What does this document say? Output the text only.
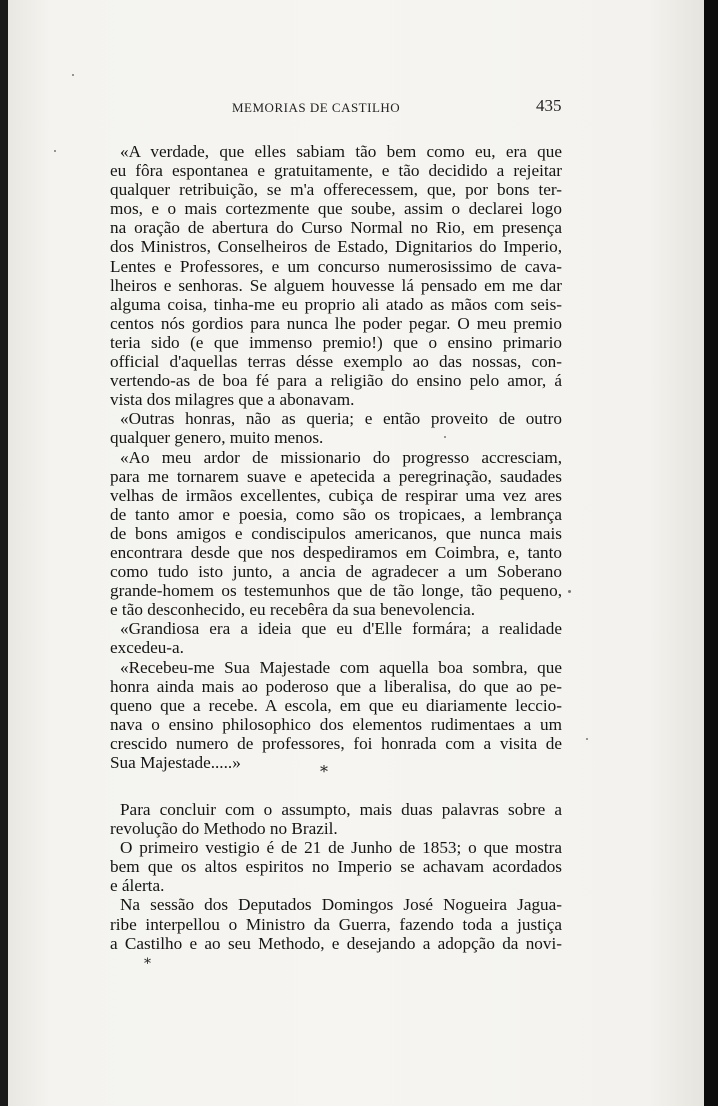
MEMORIAS DE CASTILHO	435
«A verdade, que elles sabiam tão bem como eu, era que
eu fôra espontanea e gratuitamente, e tão decidido a rejeitar
qualquer retribuição, se m'a offerecessem, que, por bons ter-
mos, e o mais cortezmente que soube, assim o declarei logo
na oração de abertura do Curso Normal no Rio, em presença
dos Ministros, Conselheiros de Estado, Dignitarios do Imperio,
Lentes e Professores, e um concurso numerosissimo de cava-
lheiros e senhoras. Se alguem houvesse lá pensado em me dar
alguma coisa, tinha-me eu proprio ali atado as mãos com seis-
centos nós gordios para nunca lhe poder pegar. O meu premio
teria sido (e que immenso premio!) que o ensino primario
official d'aquellas terras désse exemplo ao das nossas, con-
vertendo-as de boa fé para a religião do ensino pelo amor, á
vista dos milagres que a abonavam.
«Outras honras, não as queria; e então proveito de outro
qualquer genero, muito menos.
«Ao meu ardor de missionario do progresso accresciam,
para me tornarem suave e apetecida a peregrinação, saudades
velhas de irmãos excellentes, cubiça de respirar uma vez ares
de tanto amor e poesia, como são os tropicaes, a lembrança
de bons amigos e condiscipulos americanos, que nunca mais
encontrara desde que nos despediramos em Coimbra, e, tanto
como tudo isto junto, a ancia de agradecer a um Soberano
grande-homem os testemunhos que de tão longe, tão pequeno,
e tão desconhecido, eu recebêra da sua benevolencia.
«Grandiosa era a ideia que eu d'Elle formára; a realidade
excedeu-a.
«Recebeu-me Sua Majestade com aquella boa sombra, que
honra ainda mais ao poderoso que a liberalisa, do que ao pe-
queno que a recebe. A escola, em que eu diariamente leccio-
nava o ensino philosophico dos elementos rudimentaes a um
crescido numero de professores, foi honrada com a visita de
Sua Majestade.....»	*
Para concluir com o assumpto, mais duas palavras sobre a
revolução do Methodo no Brazil.
O primeiro vestigio é de 21 de Junho de 1853; o que mostra
bem que os altos espiritos no Imperio se achavam acordados
e álerta.
Na sessão dos Deputados Domingos José Nogueira Jagua-
ribe interpellou o Ministro da Guerra, fazendo toda a justiça
a Castilho e ao seu Methodo, e desejando a adopção da novi-
*
